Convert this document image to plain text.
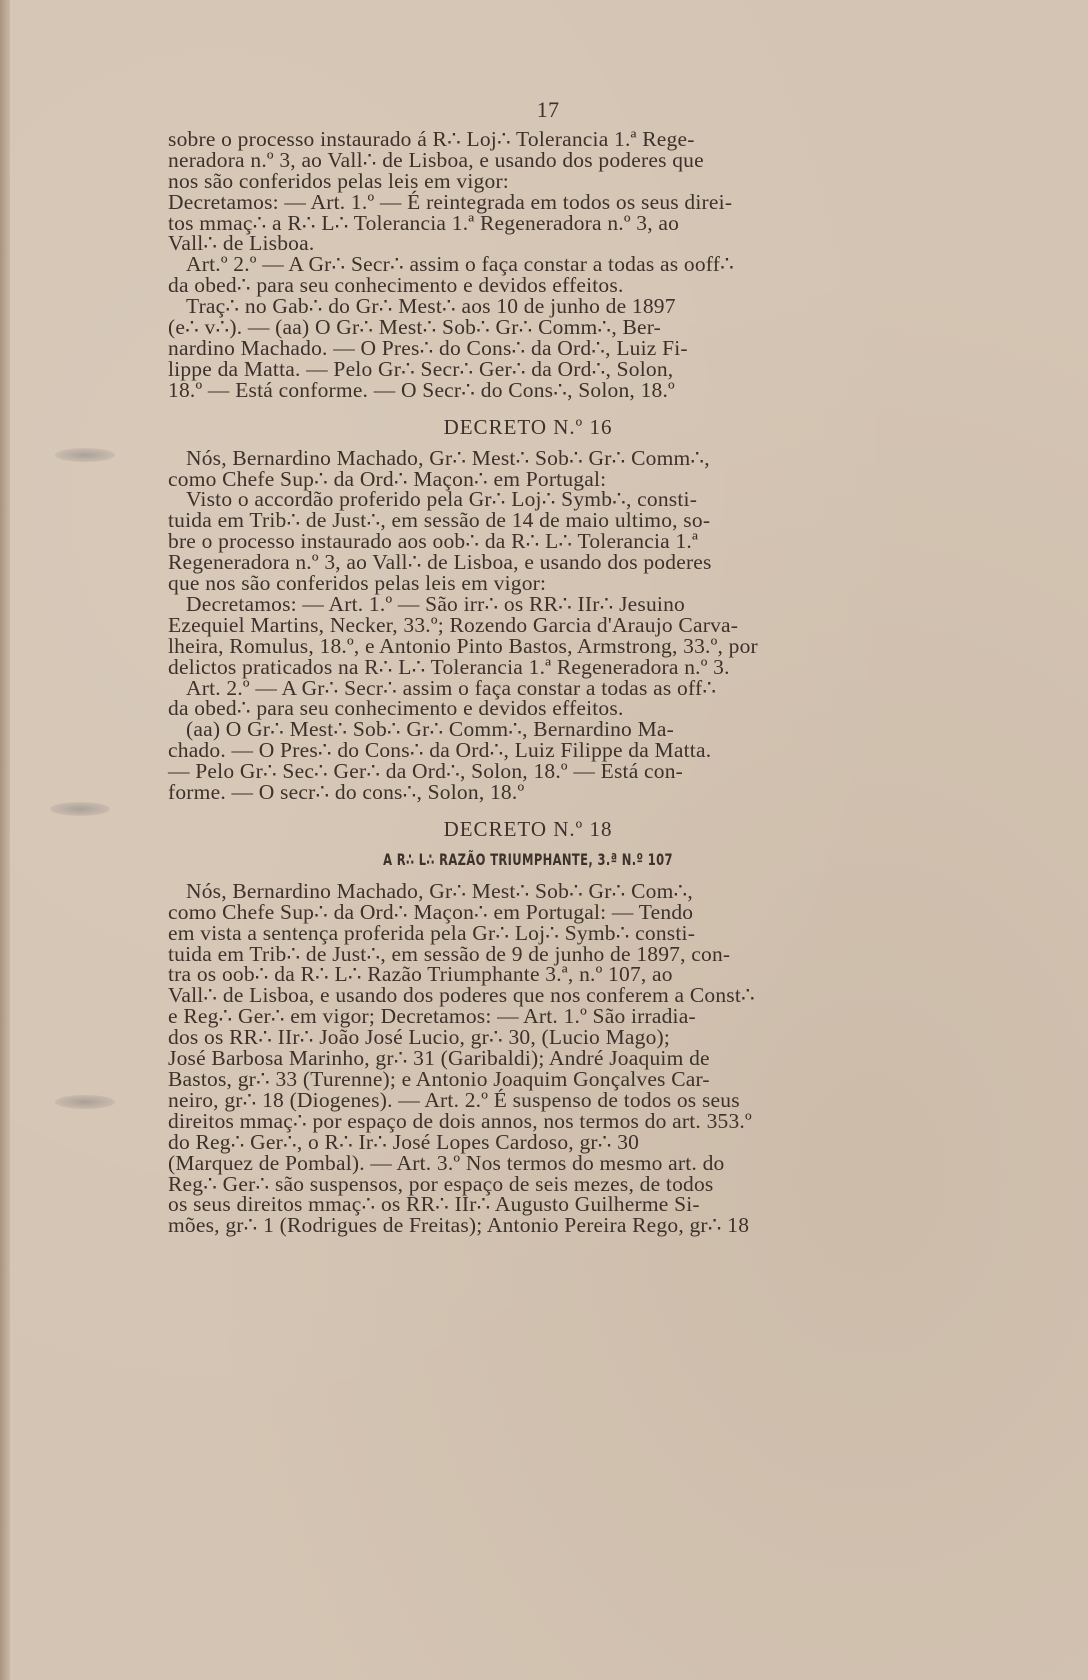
17
sobre o processo instaurado á R∴ Loj∴ Tolerancia 1.ª Rege-
neradora n.º 3, ao Vall∴ de Lisboa, e usando dos poderes que
nos são conferidos pelas leis em vigor:
Decretamos: — Art. 1.º — É reintegrada em todos os seus direi-
tos mmaç∴ a R∴ L∴ Tolerancia 1.ª Regeneradora n.º 3, ao
Vall∴ de Lisboa.
Art.º 2.º — A Gr∴ Secr∴ assim o faça constar a todas as ooff∴
da obed∴ para seu conhecimento e devidos effeitos.
Traç∴ no Gab∴ do Gr∴ Mest∴ aos 10 de junho de 1897
(e∴ v∴). — (aa) O Gr∴ Mest∴ Sob∴ Gr∴ Comm∴, Ber-
nardino Machado. — O Pres∴ do Cons∴ da Ord∴, Luiz Fi-
lippe da Matta. — Pelo Gr∴ Secr∴ Ger∴ da Ord∴, Solon,
18.º — Está conforme. — O Secr∴ do Cons∴, Solon, 18.º
DECRETO N.º 16
Nós, Bernardino Machado, Gr∴ Mest∴ Sob∴ Gr∴ Comm∴,
como Chefe Sup∴ da Ord∴ Maçon∴ em Portugal:
Visto o accordão proferido pela Gr∴ Loj∴ Symb∴, consti-
tuida em Trib∴ de Just∴, em sessão de 14 de maio ultimo, so-
bre o processo instaurado aos oob∴ da R∴ L∴ Tolerancia 1.ª
Regeneradora n.º 3, ao Vall∴ de Lisboa, e usando dos poderes
que nos são conferidos pelas leis em vigor:
Decretamos: — Art. 1.º — São irr∴ os RR∴ IIr∴ Jesuino
Ezequiel Martins, Necker, 33.º; Rozendo Garcia d'Araujo Carva-
lheira, Romulus, 18.º, e Antonio Pinto Bastos, Armstrong, 33.º, por
delictos praticados na R∴ L∴ Tolerancia 1.ª Regeneradora n.º 3.
Art. 2.º — A Gr∴ Secr∴ assim o faça constar a todas as off∴
da obed∴ para seu conhecimento e devidos effeitos.
(aa) O Gr∴ Mest∴ Sob∴ Gr∴ Comm∴, Bernardino Ma-
chado. — O Pres∴ do Cons∴ da Ord∴, Luiz Filippe da Matta.
— Pelo Gr∴ Sec∴ Ger∴ da Ord∴, Solon, 18.º — Está con-
forme. — O secr∴ do cons∴, Solon, 18.º
DECRETO N.º 18
A R∴ L∴ RAZÃO TRIUMPHANTE, 3.ª N.º 107
Nós, Bernardino Machado, Gr∴ Mest∴ Sob∴ Gr∴ Com∴,
como Chefe Sup∴ da Ord∴ Maçon∴ em Portugal: — Tendo
em vista a sentença proferida pela Gr∴ Loj∴ Symb∴ consti-
tuida em Trib∴ de Just∴, em sessão de 9 de junho de 1897, con-
tra os oob∴ da R∴ L∴ Razão Triumphante 3.ª, n.º 107, ao
Vall∴ de Lisboa, e usando dos poderes que nos conferem a Const∴
e Reg∴ Ger∴ em vigor; Decretamos: — Art. 1.º São irradia-
dos os RR∴ IIr∴ João José Lucio, gr∴ 30, (Lucio Mago);
José Barbosa Marinho, gr∴ 31 (Garibaldi); André Joaquim de
Bastos, gr∴ 33 (Turenne); e Antonio Joaquim Gonçalves Car-
neiro, gr∴ 18 (Diogenes). — Art. 2.º É suspenso de todos os seus
direitos mmaç∴ por espaço de dois annos, nos termos do art. 353.º
do Reg∴ Ger∴, o R∴ Ir∴ José Lopes Cardoso, gr∴ 30
(Marquez de Pombal). — Art. 3.º Nos termos do mesmo art. do
Reg∴ Ger∴ são suspensos, por espaço de seis mezes, de todos
os seus direitos mmaç∴ os RR∴ IIr∴ Augusto Guilherme Si-
mões, gr∴ 1 (Rodrigues de Freitas); Antonio Pereira Rego, gr∴ 18
